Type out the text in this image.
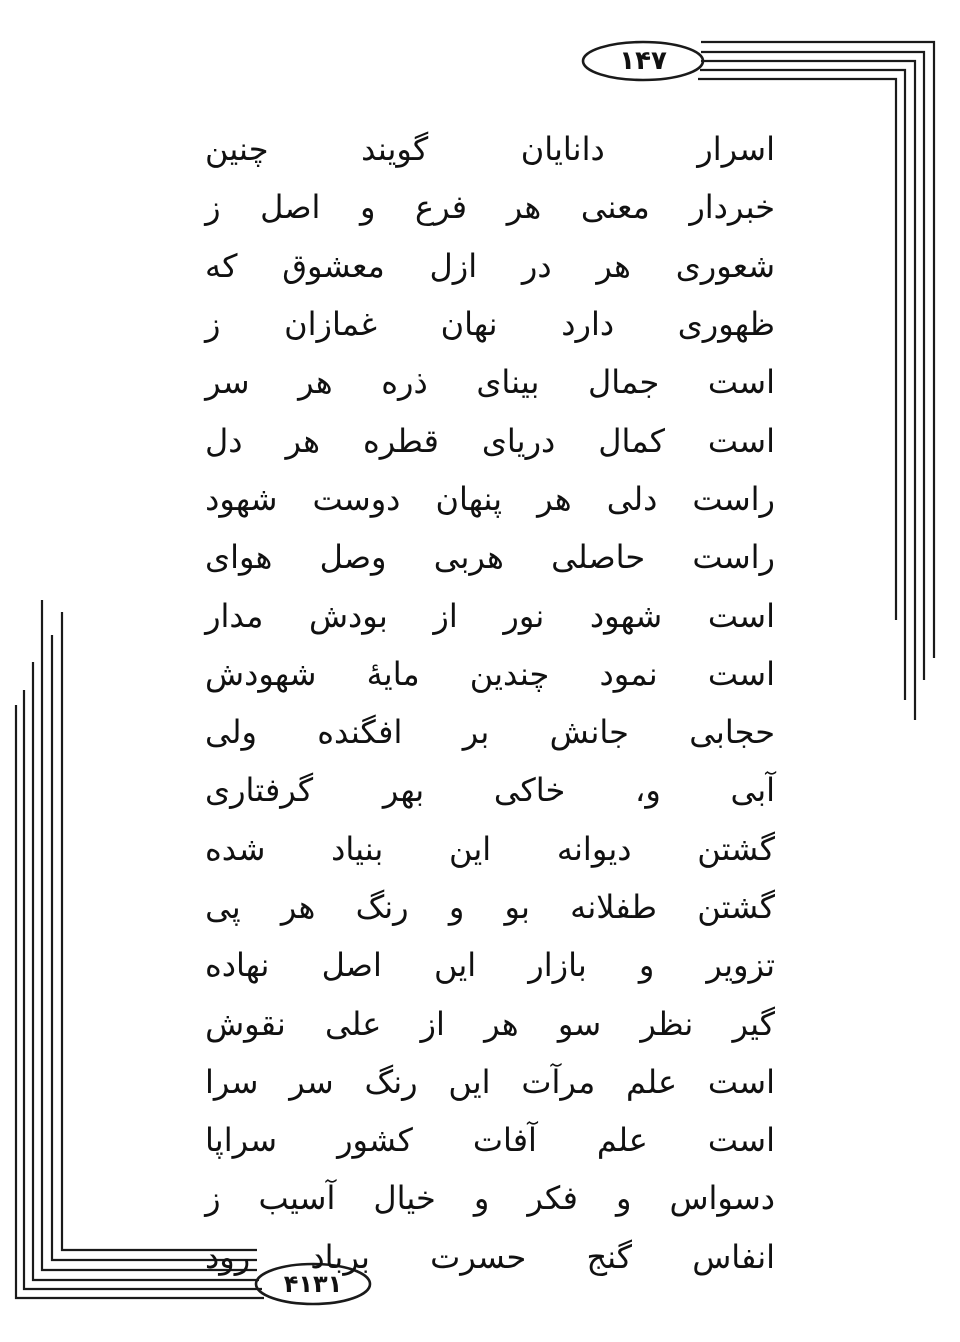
۱۴۷
چنین	گویند	دانایان	اسرار
ز اصل و فرع هر معنی خبردار
که معشوق ازل در هر شعوری
ز غمازان نهان دارد ظهوری
سر هر ذره بینای جمال است
دل هر قطره دریای کمال است
شهود دوست پنهان هر دلی راست
هوای وصل هربی حاصلی راست
مدار بودش از نور شهود است
شهودش مایهٔ چندین نمود است
ولی افگنده بر جانش حجابی
گرفتاری بهر خاکی و، آبی
شده بنیاد این دیوانه گشتن
پی هر رنگ و بو طفلانه گشتن
نهاده اصل ایں بازار و تزویر
نقوش علی از هر سو نظر گیر
سرا سر رنگ ایں مرآت علم است
سراپا کشور آفات علم است
ز آسیب خیال و فکر و دسواس
رود برباد حسرت گنج انفاس
۴۱۳۱
